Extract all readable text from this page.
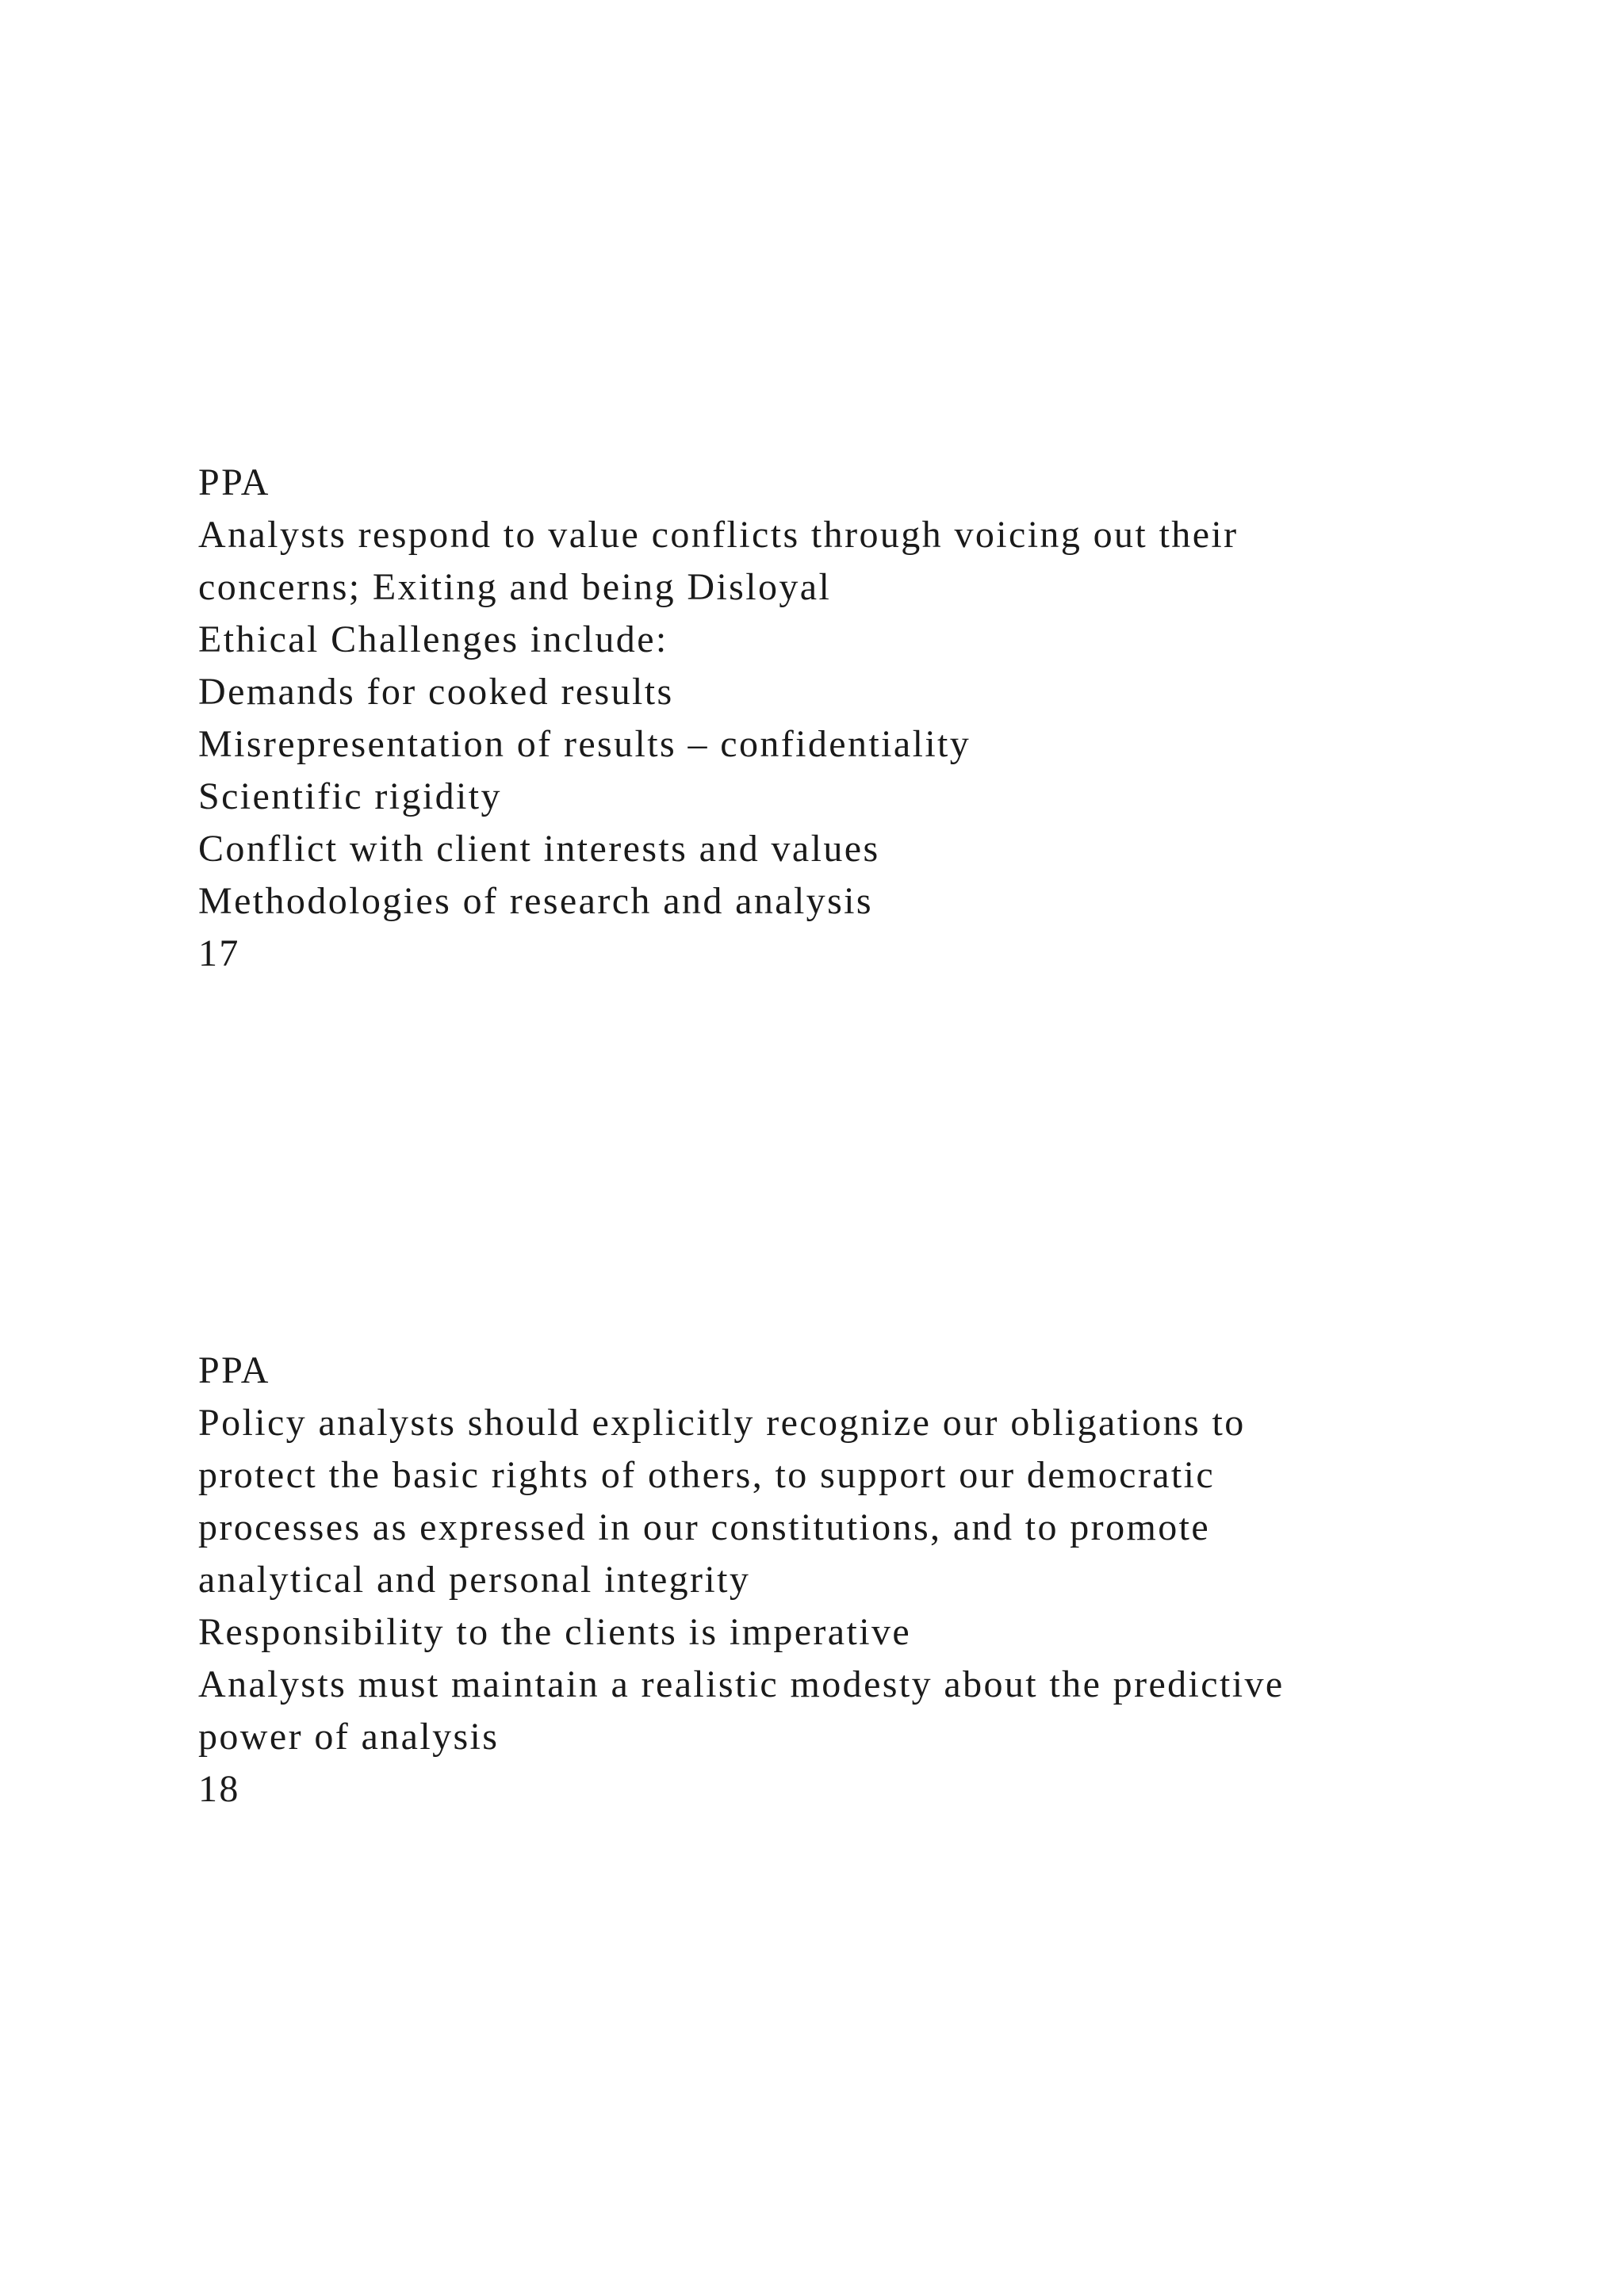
PPA
Analysts respond to value conflicts through voicing out their
concerns; Exiting and being Disloyal
Ethical Challenges include:
Demands for cooked results
Misrepresentation of results – confidentiality
Scientific rigidity
Conflict with client interests and values
Methodologies of research and analysis
17
PPA
Policy analysts should explicitly recognize our obligations to
protect the basic rights of others, to support our democratic
processes as expressed in our constitutions, and to promote
analytical and personal integrity
Responsibility to the clients is imperative
Analysts must maintain a realistic modesty about the predictive
power of analysis
18
